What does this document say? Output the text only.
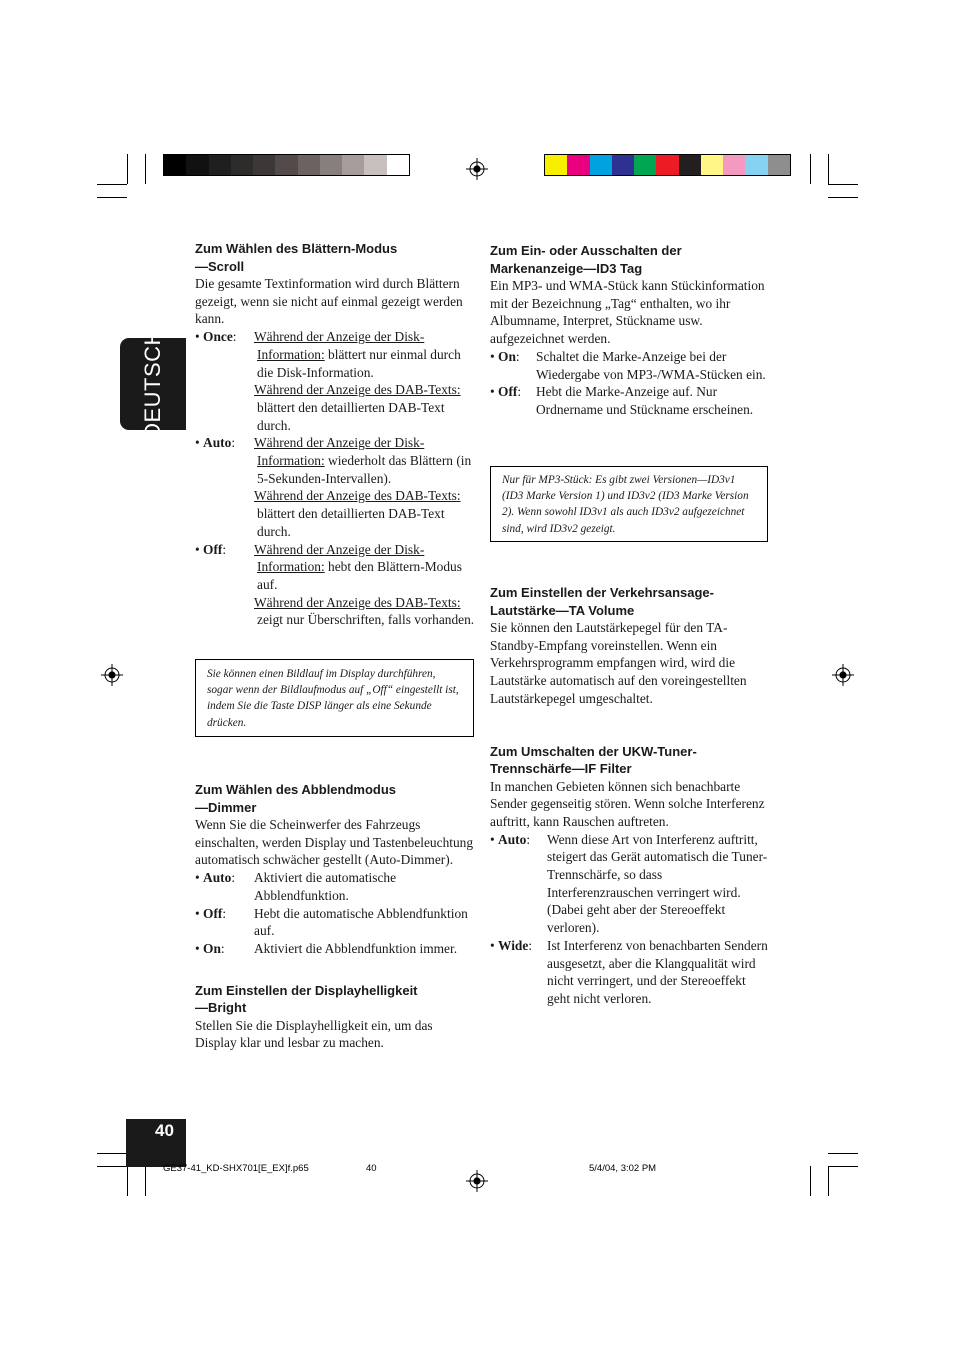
DEUTSCH
Zum Wählen des Blättern-Modus
—Scroll

Die gesamte Textinformation wird durch Blättern gezeigt, wenn sie nicht auf einmal gezeigt werden kann.

• Once: Während der Anzeige der Disk-Information: blättert nur einmal durch die Disk-Information.
Während der Anzeige des DAB-Texts: blättert den detaillierten DAB-Text durch.
• Auto: Während der Anzeige der Disk-Information: wiederholt das Blättern (in 5-Sekunden-Intervallen).
Während der Anzeige des DAB-Texts: blättert den detaillierten DAB-Text durch.
• Off: Während der Anzeige der Disk-Information: hebt den Blättern-Modus auf.
Während der Anzeige des DAB-Texts: zeigt nur Überschriften, falls vorhanden.
Sie können einen Bildlauf im Display durchführen, sogar wenn der Bildlaufmodus auf „Off“ eingestellt ist, indem Sie die Taste DISP länger als eine Sekunde drücken.
Zum Wählen des Abblendmodus
—Dimmer

Wenn Sie die Scheinwerfer des Fahrzeugs einschalten, werden Display und Tastenbeleuchtung automatisch schwächer gestellt (Auto-Dimmer).

• Auto: Aktiviert die automatische Abblendfunktion.
• Off: Hebt die automatische Abblendfunktion auf.
• On: Aktiviert die Abblendfunktion immer.
Zum Einstellen der Displayhelligkeit
—Bright

Stellen Sie die Displayhelligkeit ein, um das Display klar und lesbar zu machen.

Zum Ein- oder Ausschalten der
Markenanzeige—ID3 Tag

Ein MP3- und WMA-Stück kann Stückinformation mit der Bezeichnung „Tag“ enthalten, wo ihr Albumname, Interpret, Stückname usw. aufgezeichnet werden.

• On: Schaltet die Marke-Anzeige bei der Wiedergabe von MP3-/WMA-Stücken ein.
• Off: Hebt die Marke-Anzeige auf. Nur Ordnername und Stückname erscheinen.
Nur für MP3-Stück: Es gibt zwei Versionen—ID3v1 (ID3 Marke Version 1) und ID3v2 (ID3 Marke Version 2). Wenn sowohl ID3v1 als auch ID3v2 aufgezeichnet sind, wird ID3v2 gezeigt.
Zum Einstellen der Verkehrsansage-
Lautstärke—TA Volume

Sie können den Lautstärkepegel für den TA-Standby-Empfang voreinstellen. Wenn ein Verkehrsprogramm empfangen wird, wird die Lautstärke automatisch auf den voreingestellten Lautstärkepegel umgeschaltet.

Zum Umschalten der UKW-Tuner-
Trennschärfe—IF Filter

In manchen Gebieten können sich benachbarte Sender gegenseitig stören. Wenn solche Interferenz auftritt, kann Rauschen auftreten.

• Auto: Wenn diese Art von Interferenz auftritt, steigert das Gerät automatisch die Tuner-Trennschärfe, so dass Interferenzrauschen verringert wird. (Dabei geht aber der Stereoeffekt verloren).
• Wide: Ist Interferenz von benachbarten Sendern ausgesetzt, aber die Klangqualität wird nicht verringert, und der Stereoeffekt geht nicht verloren.
40
GE37-41_KD-SHX701[E_EX]f.p65	40	5/4/04, 3:02 PM
